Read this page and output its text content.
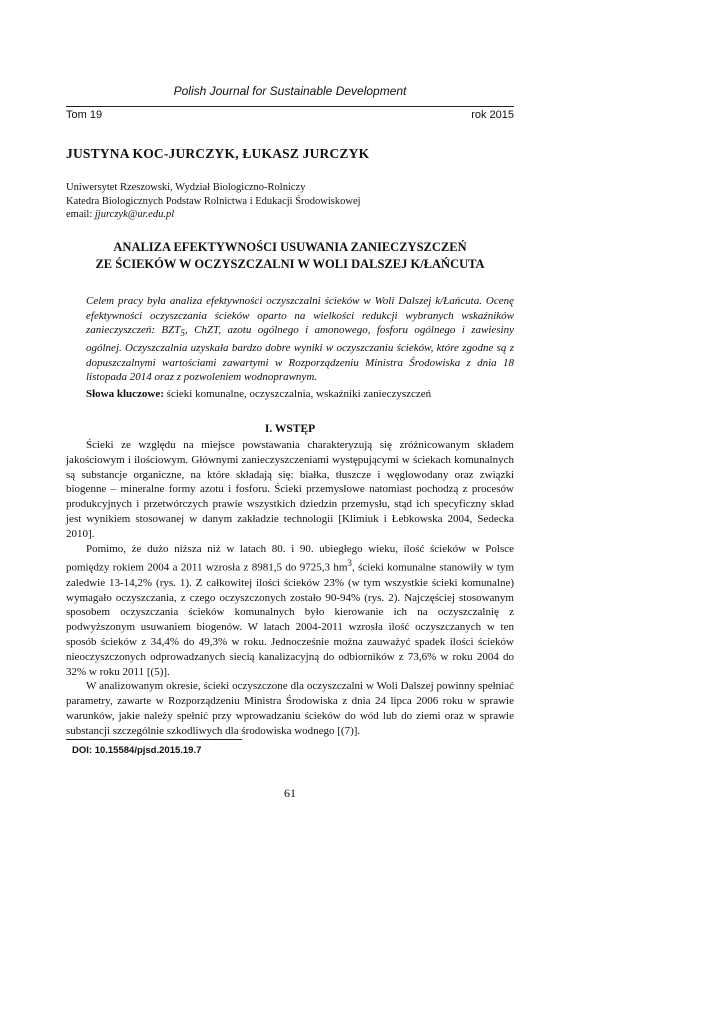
Polish Journal for Sustainable Development
Tom 19	rok 2015
JUSTYNA KOC-JURCZYK, ŁUKASZ JURCZYK
Uniwersytet Rzeszowski, Wydział Biologiczno-Rolniczy
Katedra Biologicznych Podstaw Rolnictwa i Edukacji Środowiskowej
email: jjurczyk@ur.edu.pl
ANALIZA EFEKTYWNOŚCI USUWANIA ZANIECZYSZCZEŃ
ZE ŚCIEKÓW W OCZYSZCZALNI W WOLI DALSZEJ K/ŁAŃCUTA
Celem pracy była analiza efektywności oczyszczalni ścieków w Woli Dalszej k/Łańcuta. Ocenę efektywności oczyszczania ścieków oparto na wielkości redukcji wybranych wskaźników zanieczyszczeń: $BZT_5$, ChZT, azotu ogólnego i amonowego, fosforu ogólnego i zawiesiny ogólnej. Oczyszczalnia uzyskała bardzo dobre wyniki w oczyszczaniu ścieków, które zgodne są z dopuszczalnymi wartościami zawartymi w Rozporządzeniu Ministra Środowiska z dnia 18 listopada 2014 oraz z pozwoleniem wodnoprawnym.
Słowa kluczowe: ścieki komunalne, oczyszczalnia, wskaźniki zanieczyszczeń
I. WSTĘP

Ścieki ze względu na miejsce powstawania charakteryzują się zróżnicowanym składem jakościowym i ilościowym. Głównymi zanieczyszczeniami występującymi w ściekach komunalnych są substancje organiczne, na które składają się: białka, tłuszcze i węglowodany oraz związki biogenne – mineralne formy azotu i fosforu. Ścieki przemysłowe natomiast pochodzą z procesów produkcyjnych i przetwórczych prawie wszystkich dziedzin przemysłu, stąd ich specyficzny skład jest wynikiem stosowanej w danym zakładzie technologii [Klimiuk i Łebkowska 2004, Sedecka 2010].

Pomimo, że dużo niższa niż w latach 80. i 90. ubiegłego wieku, ilość ścieków w Polsce pomiędzy rokiem 2004 a 2011 wzrosła z 8981,5 do 9725,3 $hm^3$, ścieki komunalne stanowiły w tym zaledwie 13-14,2% (rys. 1). Z całkowitej ilości ścieków 23% (w tym wszystkie ścieki komunalne) wymagało oczyszczania, z czego oczyszczonych zostało 90-94% (rys. 2). Najczęściej stosowanym sposobem oczyszczania ścieków komunalnych było kierowanie ich na oczyszczalnię z podwyższonym usuwaniem biogenów. W latach 2004-2011 wzrosła ilość oczyszczanych w ten sposób ścieków z 34,4% do 49,3% w roku. Jednocześnie można zauważyć spadek ilości ścieków nieoczyszczonych odprowadzanych siecią kanalizacyjną do odbiorników z 73,6% w roku 2004 do 32% w roku 2011 [(5)].

W analizowanym okresie, ścieki oczyszczone dla oczyszczalni w Woli Dalszej powinny spełniać parametry, zawarte w Rozporządzeniu Ministra Środowiska z dnia 24 lipca 2006 roku w sprawie warunków, jakie należy spełnić przy wprowadzaniu ścieków do wód lub do ziemi oraz w sprawie substancji szczególnie szkodliwych dla środowiska wodnego [(7)].

DOI: 10.15584/pjsd.2015.19.7
61
